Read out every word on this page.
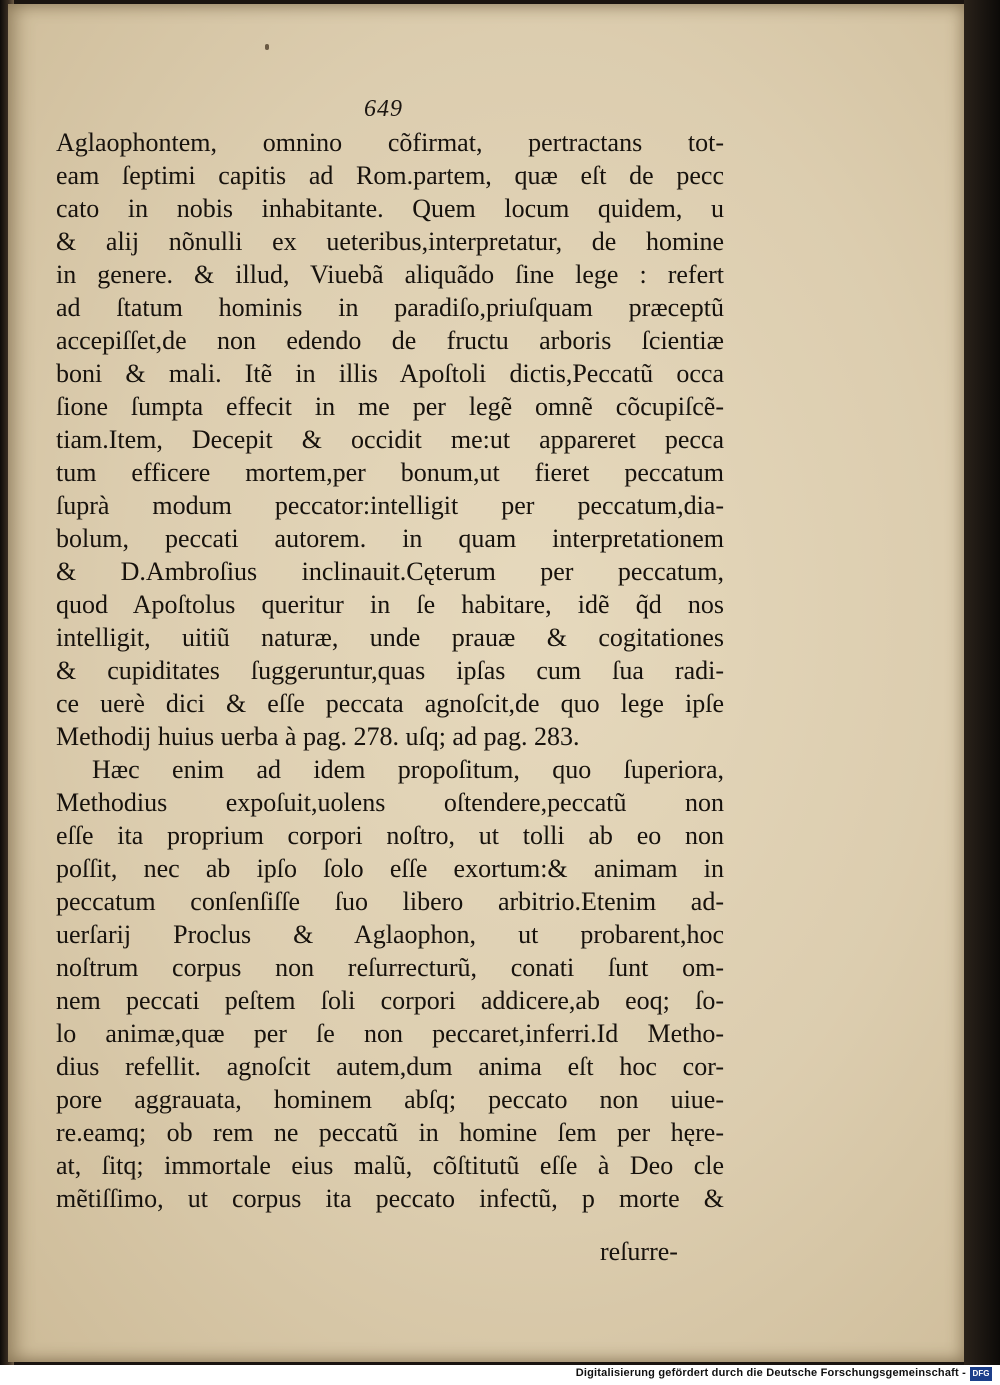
649
Aglaophontem, omnino cõfirmat, pertractans tot-
eam ſeptimi capitis ad Rom.partem, quæ eſt de pecc
cato in nobis inhabitante. Quem locum quidem, u
& alij nõnulli ex ueteribus,interpretatur, de homine
in genere. & illud, Viuebã aliquãdo ſine lege : refert
ad ſtatum hominis in paradiſo,priuſquam præceptũ
accepiſſet,de non edendo de fructu arboris ſcientiæ
boni & mali. Itẽ in illis Apoſtoli dictis,Peccatũ occa
ſione ſumpta effecit in me per legẽ omnẽ cõcupiſcẽ-
tiam.Item, Decepit & occidit me:ut appareret pecca
tum efficere mortem,per bonum,ut fieret peccatum
ſuprà modum peccator:intelligit per peccatum,dia-
bolum, peccati autorem. in quam interpretationem
& D.Ambroſius inclinauit.Cęterum per peccatum,
quod Apoſtolus queritur in ſe habitare, idẽ q̃d nos
intelligit, uitiũ naturæ, unde prauæ & cogitationes
& cupiditates ſuggeruntur,quas ipſas cum ſua radi-
ce uerè dici & eſſe peccata agnoſcit,de quo lege ipſe
Methodij huius uerba à pag. 278. uſq; ad pag. 283.
Hæc enim ad idem propoſitum, quo ſuperiora,
Methodius expoſuit,uolens oſtendere,peccatũ non
eſſe ita proprium corpori noſtro, ut tolli ab eo non
poſſit, nec ab ipſo ſolo eſſe exortum:& animam in
peccatum conſenſiſſe ſuo libero arbitrio.Etenim ad-
uerſarij Proclus & Aglaophon, ut probarent,hoc
noſtrum corpus non reſurrecturũ, conati ſunt om-
nem peccati peſtem ſoli corpori addicere,ab eoq; ſo-
lo animæ,quæ per ſe non peccaret,inferri.Id Metho-
dius refellit. agnoſcit autem,dum anima eſt hoc cor-
pore aggrauata, hominem abſq; peccato non uiue-
re.eamq; ob rem ne peccatũ in homine ſem per hęre-
at, ſitq; immortale eius malũ, cõſtitutũ eſſe à Deo cle
mẽtiſſimo, ut corpus ita peccato infectũ, p morte &
reſurre-
Digitalisierung gefördert durch die Deutsche Forschungsgemeinschaft - DFG
